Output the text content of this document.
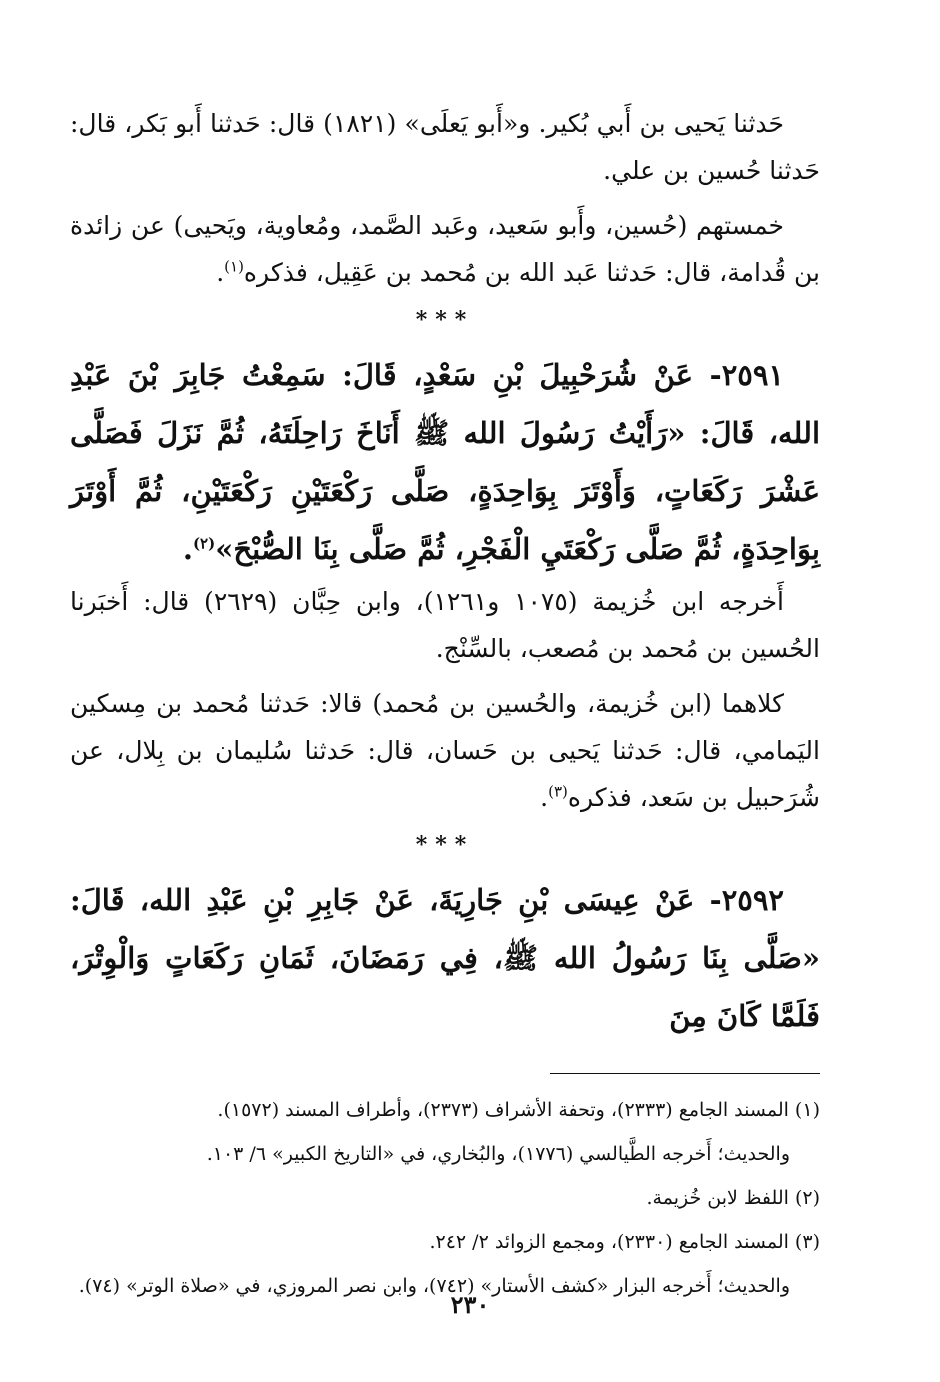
حَدثنا يَحيى بن أَبي بُكير. و«أَبو يَعلَى» (١٨٢١) قال: حَدثنا أَبو بَكر، قال: حَدثنا حُسين بن علي.

خمستهم (حُسين، وأَبو سَعيد، وعَبد الصَّمد، ومُعاوية، ويَحيى) عن زائدة بن قُدامة، قال: حَدثنا عَبد الله بن مُحمد بن عَقِيل، فذكره$^{(١)}$.

***

٢٥٩١- عَنْ شُرَحْبِيلَ بْنِ سَعْدٍ، قَالَ: سَمِعْتُ جَابِرَ بْنَ عَبْدِ الله، قَالَ: «رَأَيْتُ رَسُولَ الله ﷺ أَنَاخَ رَاحِلَتَهُ، ثُمَّ نَزَلَ فَصَلَّى عَشْرَ رَكَعَاتٍ، وَأَوْتَرَ بِوَاحِدَةٍ، صَلَّى رَكْعَتَيْنِ رَكْعَتَيْنِ، ثُمَّ أَوْتَرَ بِوَاحِدَةٍ، ثُمَّ صَلَّى رَكْعَتَيِ الْفَجْرِ، ثُمَّ صَلَّى بِنَا الصُّبْحَ»$^{(٢)}$.

أَخرجه ابن خُزيمة (١٠٧٥ و١٢٦١)، وابن حِبَّان (٢٦٢٩) قال: أَخبَرنا الحُسين بن مُحمد بن مُصعب، بالسِّنْج.

كلاهما (ابن خُزيمة، والحُسين بن مُحمد) قالا: حَدثنا مُحمد بن مِسكين اليَمامي، قال: حَدثنا يَحيى بن حَسان، قال: حَدثنا سُليمان بن بِلال، عن شُرَحبيل بن سَعد، فذكره$^{(٣)}$.

***

٢٥٩٢- عَنْ عِيسَى بْنِ جَارِيَةَ، عَنْ جَابِرِ بْنِ عَبْدِ الله، قَالَ: «صَلَّى بِنَا رَسُولُ الله ﷺ، فِي رَمَضَانَ، ثَمَانِ رَكَعَاتٍ وَالْوِتْرَ، فَلَمَّا كَانَ مِنَ

(١) المسند الجامع (٢٣٣٣)، وتحفة الأشراف (٢٣٧٣)، وأطراف المسند (١٥٧٢).

والحديث؛ أَخرجه الطَّيالسي (١٧٧٦)، والبُخاري، في «التاريخ الكبير» ٦/ ١٠٣.

(٢) اللفظ لابن خُزيمة.

(٣) المسند الجامع (٢٣٣٠)، ومجمع الزوائد ٢/ ٢٤٢.

والحديث؛ أَخرجه البزار «كشف الأستار» (٧٤٢)، وابن نصر المروزي، في «صلاة الوتر» (٧٤).

٢٣٠
